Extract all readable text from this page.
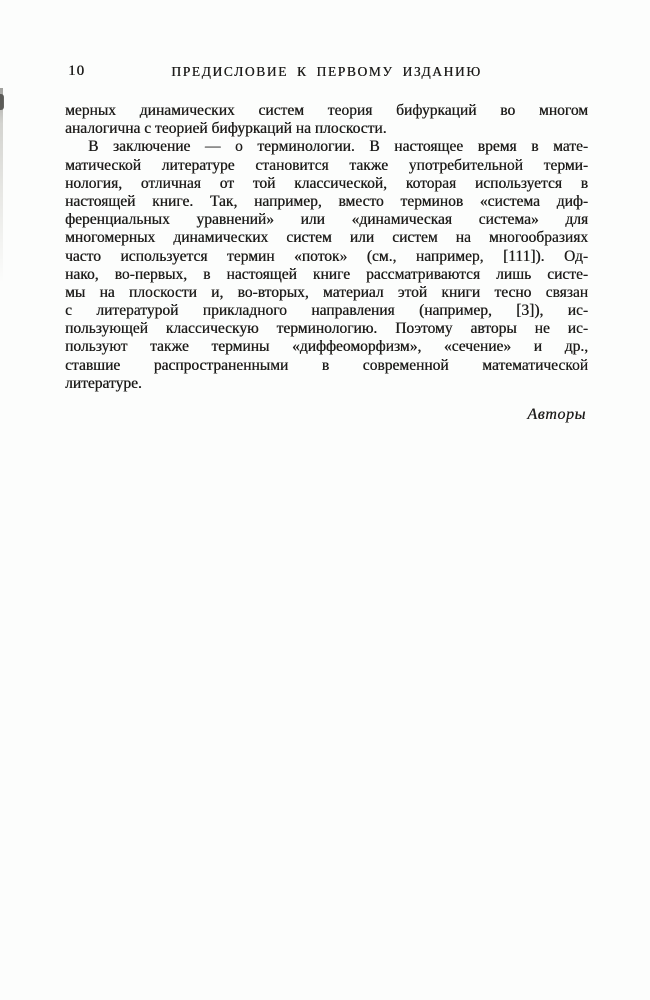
10	ПРЕДИСЛОВИЕ К ПЕРВОМУ ИЗДАНИЮ
мерных динамических систем теория бифуркаций во многом
аналогична с теорией бифуркаций на плоскости.
В заключение — о терминологии. В настоящее время в мате-
матической литературе становится также употребительной терми-
нология, отличная от той классической, которая используется в
настоящей книге. Так, например, вместо терминов «система диф-
ференциальных уравнений» или «динамическая система» для
многомерных динамических систем или систем на многообразиях
часто используется термин «поток» (см., например, [111]). Од-
нако, во-первых, в настоящей книге рассматриваются лишь систе-
мы на плоскости и, во-вторых, материал этой книги тесно связан
с литературой прикладного направления (например, [3]), ис-
пользующей классическую терминологию. Поэтому авторы не ис-
пользуют также термины «диффеоморфизм», «сечение» и др.,
ставшие распространенными в современной математической
литературе.
Авторы
